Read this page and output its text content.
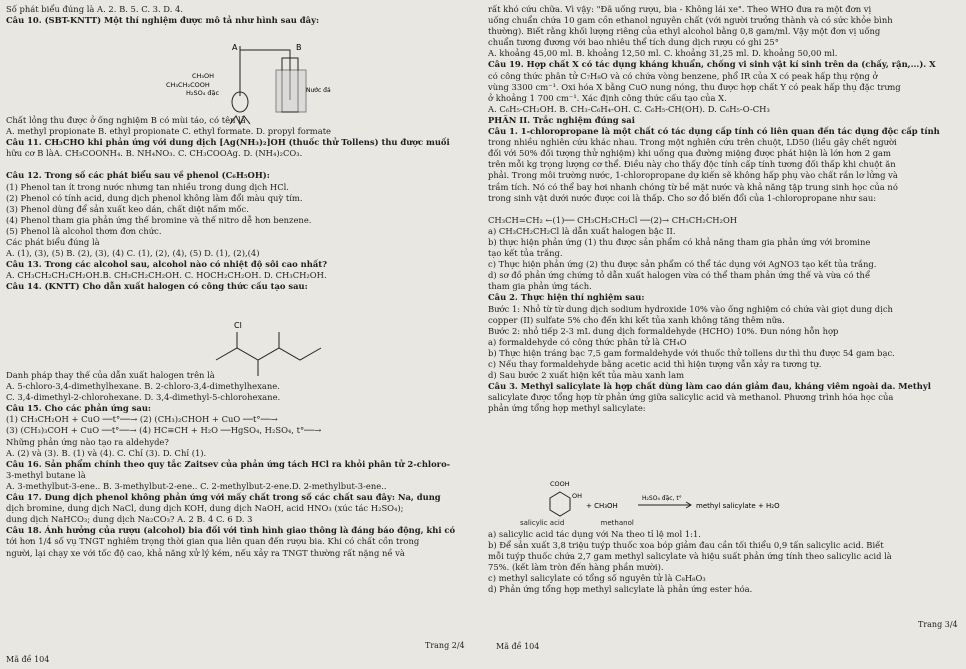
Số phát biểu đúng là A. 2. B. 5. C. 3. D. 4.
Câu 10. (SBT-KNTT) Một thí nghiệm được mô tả như hình sau đây:

Chất lỏng thu được ở ống nghiệm B có mùi táo, có tên là
A. methyl propionate B. ethyl propionate C. ethyl formate. D. propyl formate
Câu 11. CH₃CHO khi phản ứng với dung dịch [Ag(NH₃)₂]OH (thuốc thử Tollens) thu được muối
hữu cơ B làA. CH₃COONH₄. B. NH₄NO₃. C. CH₃COOAg. D. (NH₄)₂CO₃.

Câu 12. Trong số các phát biểu sau về phenol (C₆H₅OH):
(1) Phenol tan ít trong nước nhưng tan nhiều trong dung dịch HCl.
(2) Phenol có tính acid, dung dịch phenol không làm đổi màu quỳ tím.
(3) Phenol dùng để sản xuất keo dán, chất diệt nấm mốc.
(4) Phenol tham gia phản ứng thế bromine và thế nitro dễ hơn benzene.
(5) Phenol là alcohol thơm đơn chức.
Các phát biểu đúng là
A. (1), (3), (5) B. (2), (3), (4) C. (1), (2), (4), (5) D. (1), (2),(4)
Câu 13. Trong các alcohol sau, alcohol nào có nhiệt độ sôi cao nhất?
A. CH₃CH₂CH₂CH₂OH.B. CH₃CH₂CH₂OH. C. HOCH₂CH₂OH. D. CH₃CH₂OH.
Câu 14. (KNTT) Cho dẫn xuất halogen có công thức cấu tạo sau:
A	B
CH₃OH
CH₃CH₂COOH
H₂SO₄ đặc	Nước đá
Cl
Danh pháp thay thế của dẫn xuất halogen trên là
A. 5-chloro-3,4-dimethylhexane. B. 2-chloro-3,4-dimethylhexane.
C. 3,4-dimethyl-2-chlorohexane. D. 3,4-dimethyl-5-chlorohexane.
Câu 15. Cho các phản ứng sau:
(1) CH₃CH₂OH + CuO ──t°──→ (2) (CH₃)₂CHOH + CuO ──t°──→
(3) (CH₃)₃COH + CuO ──t°──→ (4) HC≡CH + H₂O ──HgSO₄, H₂SO₄, t°──→
Những phản ứng nào tạo ra aldehyde?
A. (2) và (3). B. (1) và (4). C. Chỉ (3). D. Chỉ (1).
Câu 16. Sản phẩm chính theo quy tắc Zaitsev của phản ứng tách HCl ra khỏi phân tử 2-chloro-
3-methyl butane là
A. 3-methylbut-3-ene.. B. 3-methylbut-2-ene.. C. 2-methylbut-2-ene.D. 2-methylbut-3-ene..
Câu 17. Dung dịch phenol không phản ứng với mấy chất trong số các chất sau đây: Na, dung
dịch bromine, dung dịch NaCl, dung dịch KOH, dung dịch NaOH, acid HNO₃ (xúc tác H₂SO₄);
dung dịch NaHCO₃; dung dịch Na₂CO₃? A. 2 B. 4 C. 6 D. 3
Câu 18. Ảnh hưởng của rượu (alcohol) bia đối với tình hình giao thông là đáng báo động, khi có
tới hơn 1/4 số vụ TNGT nghiêm trọng thời gian qua liên quan đến rượu bia. Khi có chất cồn trong
người, lại chạy xe với tốc độ cao, khả năng xử lý kém, nếu xảy ra TNGT thường rất nặng nề và
rất khó cứu chữa. Vì vậy: "Đã uống rượu, bia - Không lái xe". Theo WHO đưa ra một đơn vị
uống chuẩn chứa 10 gam cồn ethanol nguyên chất (với người trưởng thành và có sức khỏe bình
thường). Biết rằng khối lượng riêng của ethyl alcohol bằng 0,8 gam/ml. Vậy một đơn vị uống
chuẩn tương đương với bao nhiêu thể tích dung dịch rượu có ghi 25°
A. khoảng 45,00 ml. B. khoảng 12,50 ml. C. khoảng 31,25 ml. D. khoảng 50,00 ml.
Câu 19. Hợp chất X có tác dụng kháng khuẩn, chống vi sinh vật kí sinh trên da (chấy, rận,...). X
có công thức phân tử C₇H₈O và có chứa vòng benzene, phổ IR của X có peak hấp thụ rộng ở
vùng 3300 cm⁻¹. Oxi hóa X bằng CuO nung nóng, thu được hợp chất Y có peak hấp thụ đặc trưng
ở khoảng 1 700 cm⁻¹. Xác định công thức cấu tạo của X.
A. C₆H₅-CH₂OH. B. CH₃-C₆H₄-OH. C. C₆H₅-CH(OH). D. C₆H₅-O-CH₃
PHẦN II. Trắc nghiệm đúng sai
Câu 1. 1-chloropropane là một chất có tác dụng cấp tính có liên quan đến tác dụng độc cấp tính
trong nhiều nghiên cứu khác nhau. Trong một nghiên cứu trên chuột, LD50 (liều gây chết người
đối với 50% đối tượng thử nghiệm) khi uống qua đường miệng được phát hiện là lớn hơn 2 gam
trên mỗi kg trọng lượng cơ thể. Điều này cho thấy độc tính cấp tính tương đối thấp khi chuột ăn
phải. Trong môi trường nước, 1-chloropropane dự kiến sẽ không hấp phụ vào chất rắn lơ lửng và
trầm tích. Nó có thể bay hơi nhanh chóng từ bề mặt nước và khả năng tập trung sinh học của nó
trong sinh vật dưới nước được coi là thấp. Cho sơ đồ biến đổi của 1-chloropropane như sau:

CH₃CH=CH₂ ←(1)── CH₃CH₂CH₂Cl ──(2)→ CH₃CH₂CH₂OH
a) CH₃CH₂CH₂Cl là dẫn xuất halogen bậc II.
b) thực hiện phản ứng (1) thu được sản phẩm có khả năng tham gia phản ứng với bromine
tạo kết tủa trắng.
c) Thực hiện phản ứng (2) thu được sản phẩm có thể tác dụng với AgNO3 tạo kết tủa trắng.
d) sơ đồ phản ứng chứng tỏ dẫn xuất halogen vừa có thể tham phản ứng thế và vừa có thể
tham gia phản ứng tách.
Câu 2. Thực hiện thí nghiệm sau:
Bước 1: Nhỏ từ từ dung dịch sodium hydroxide 10% vào ống nghiệm có chứa vài giọt dung dịch
copper (II) sulfate 5% cho đến khi kết tủa xanh không tăng thêm nữa.
Bước 2: nhỏ tiếp 2-3 mL dung dịch formaldehyde (HCHO) 10%. Đun nóng hỗn hợp
a) formaldehyde có công thức phân tử là CH₄O
b) Thực hiện tráng bạc 7,5 gam formaldehyde với thuốc thử tollens dư thì thu được 54 gam bạc.
c) Nếu thay formaldehyde bằng acetic acid thì hiện tượng vẫn xảy ra tương tự.
d) Sau bước 2 xuất hiện kết tủa màu xanh lam
Câu 3. Methyl salicylate là hợp chất dùng làm cao dán giảm đau, kháng viêm ngoài da. Methyl
salicylate được tổng hợp từ phản ứng giữa salicylic acid và methanol. Phương trình hóa học của
phản ứng tổng hợp methyl salicylate:
COOH
OH
+ CH₃OH
H₂SO₄ đặc, t°
methyl salicylate + H₂O
salicylic acid	methanol
a) salicylic acid tác dụng với Na theo tỉ lệ mol 1:1.
b) Để sản xuất 3,8 triệu tuýp thuốc xoa bóp giảm đau cần tối thiểu 0,9 tấn salicylic acid. Biết
mỗi tuýp thuốc chứa 2,7 gam methyl salicylate và hiệu suất phản ứng tính theo salicylic acid là
75%. (kết làm tròn đến hàng phần mười).
c) methyl salicylate có tổng số nguyên tử là C₈H₈O₃
d) Phản ứng tổng hợp methyl salicylate là phản ứng ester hóa.
Mã đề 104
Trang 2/4	Mã đề 104
Trang 3/4
